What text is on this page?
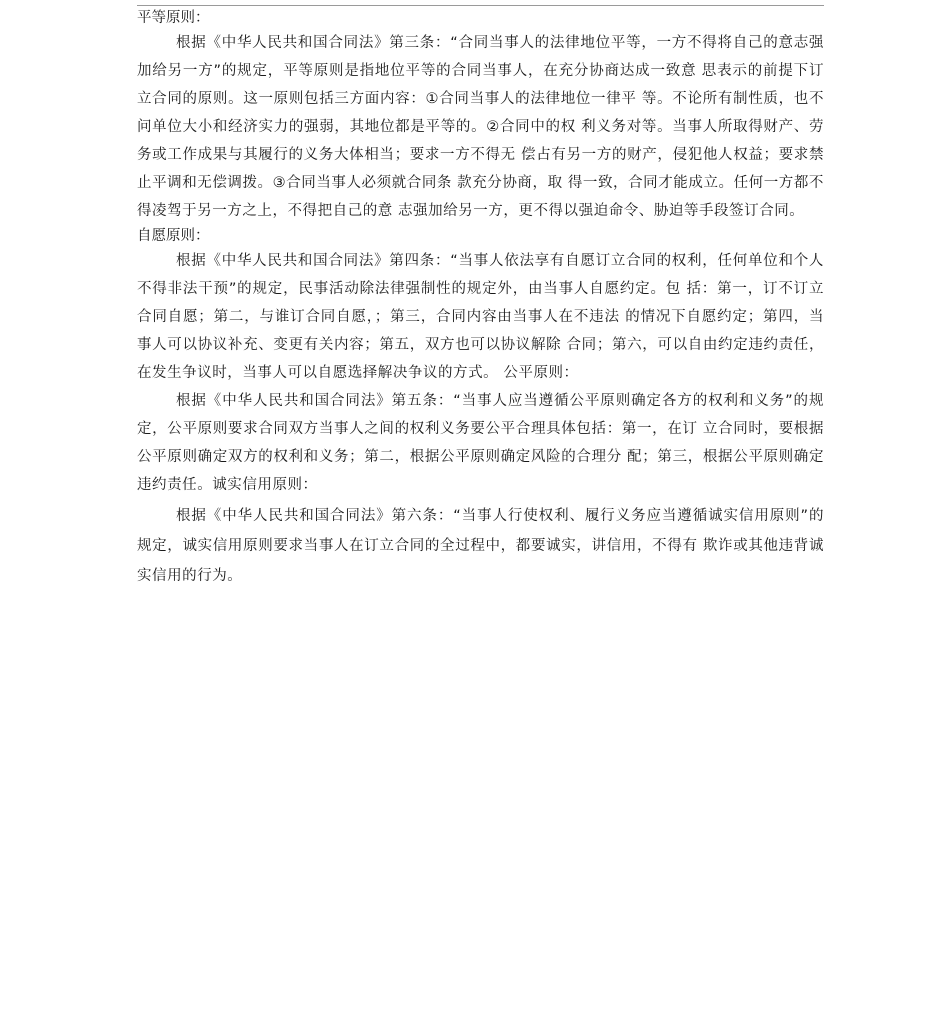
平等原则：

根据《中华人民共和国合同法》第三条：“合同当事人的法律地位平等，一方不得将自己的意志强加给另一方”的规定，平等原则是指地位平等的合同当事人，在充分协商达成一致意 思表示的前提下订立合同的原则。这一原则包括三方面内容：①合同当事人的法律地位一律平 等。不论所有制性质，也不问单位大小和经济实力的强弱，其地位都是平等的。②合同中的权 利义务对等。当事人所取得财产、劳务或工作成果与其履行的义务大体相当；要求一方不得无 偿占有另一方的财产，侵犯他人权益；要求禁止平调和无偿调拨。③合同当事人必须就合同条 款充分协商，取 得一致，合同才能成立。任何一方都不得凌驾于另一方之上，不得把自己的意 志强加给另一方，更不得以强迫命令、胁迫等手段签订合同。

自愿原则：

根据《中华人民共和国合同法》第四条：“当事人依法享有自愿订立合同的权利，任何单位和个人不得非法干预”的规定，民事活动除法律强制性的规定外，由当事人自愿约定。包 括：第一，订不订立合同自愿；第二，与谁订合同自愿，；第三，合同内容由当事人在不违法 的情况下自愿约定；第四，当事人可以协议补充、变更有关内容；第五，双方也可以协议解除 合同；第六，可以自由约定违约责任，在发生争议时，当事人可以自愿选择解决争议的方式。 公平原则：

根据《中华人民共和国合同法》第五条：“当事人应当遵循公平原则确定各方的权利和义务”的规定，公平原则要求合同双方当事人之间的权利义务要公平合理具体包括：第一，在订 立合同时，要根据公平原则确定双方的权利和义务；第二，根据公平原则确定风险的合理分 配；第三，根据公平原则确定违约责任。诚实信用原则：

根据《中华人民共和国合同法》第六条：“当事人行使权利、履行义务应当遵循诚实信用原则”的规定，诚实信用原则要求当事人在订立合同的全过程中，都要诚实，讲信用，不得有 欺诈或其他违背诚实信用的行为。
